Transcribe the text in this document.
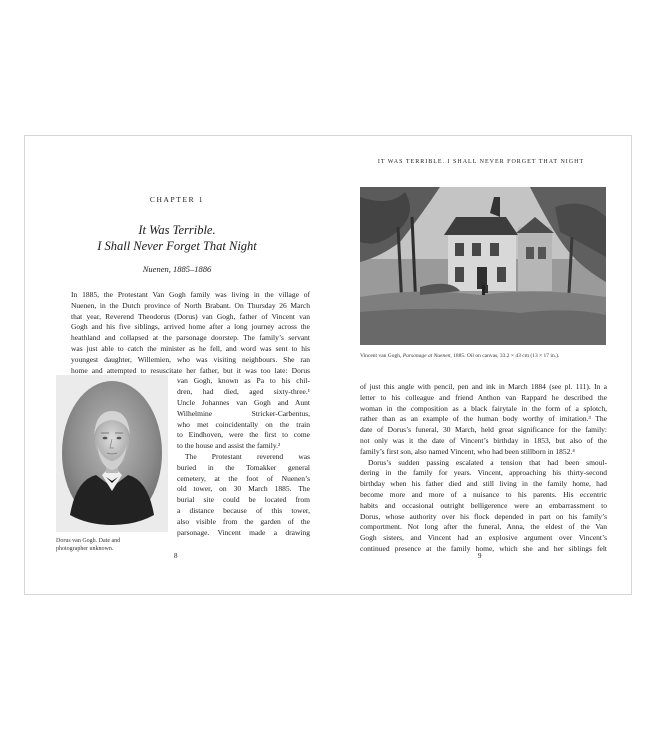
CHAPTER 1
It Was Terrible.
I Shall Never Forget That Night
Nuenen, 1885–1886
In 1885, the Protestant Van Gogh family was living in the village of
Nuenen, in the Dutch province of North Brabant. On Thursday 26 March
that year, Reverend Theodorus (Dorus) van Gogh, father of Vincent van
Gogh and his five siblings, arrived home after a long journey across the
heathland and collapsed at the parsonage doorstep. The family’s servant
was just able to catch the minister as he fell, and word was sent to his
youngest daughter, Willemien, who was visiting neighbours. She ran
home and attempted to resuscitate her father, but it was too late: Dorus
van Gogh, known as Pa to his chil-
dren, had died, aged sixty-three.¹
Uncle Johannes van Gogh and Aunt
Wilhelmine Stricker-Carbentus,
who met coincidentally on the train
to Eindhoven, were the first to come
to the house and assist the family.²
The Protestant reverend was
buried in the Tomakker general
cemetery, at the foot of Nuenen’s
old tower, on 30 March 1885. The
burial site could be located from
a distance because of this tower,
also visible from the garden of the
parsonage. Vincent made a drawing
Dorus van Gogh. Date and
photographer unknown.
8
IT WAS TERRIBLE. I SHALL NEVER FORGET THAT NIGHT
Vincent van Gogh, Parsonage at Nuenen, 1885. Oil on canvas, 33.2 × 43 cm (13 × 17 in.).
of just this angle with pencil, pen and ink in March 1884 (see pl. 111). In a
letter to his colleague and friend Anthon van Rappard he described the
woman in the composition as a black fairytale in the form of a splotch,
rather than as an example of the human body worthy of imitation.³ The
date of Dorus’s funeral, 30 March, held great significance for the family:
not only was it the date of Vincent’s birthday in 1853, but also of the
family’s first son, also named Vincent, who had been stillborn in 1852.⁴
Dorus’s sudden passing escalated a tension that had been smoul-
dering in the family for years. Vincent, approaching his thirty-second
birthday when his father died and still living in the family home, had
become more and more of a nuisance to his parents. His eccentric
habits and occasional outright belligerence were an embarrassment to
Dorus, whose authority over his flock depended in part on his family’s
comportment. Not long after the funeral, Anna, the eldest of the Van
Gogh sisters, and Vincent had an explosive argument over Vincent’s
continued presence at the family home, which she and her siblings felt
9
